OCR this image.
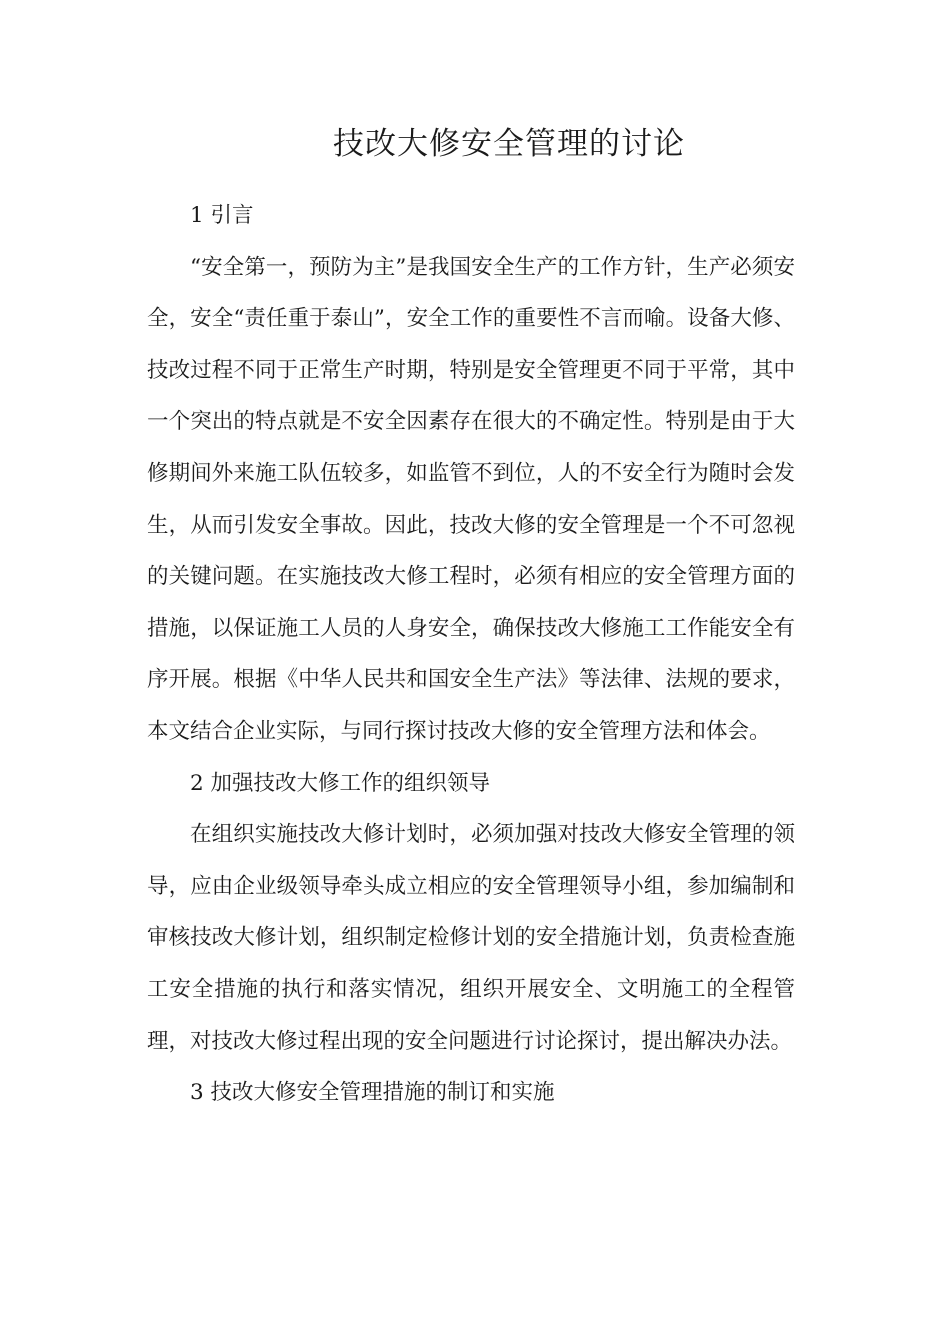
技改大修安全管理的讨论
1 引言

“安全第一，预防为主”是我国安全生产的工作方针，生产必须安全，安全“责任重于泰山”，安全工作的重要性不言而喻。设备大修、技改过程不同于正常生产时期，特别是安全管理更不同于平常，其中一个突出的特点就是不安全因素存在很大的不确定性。特别是由于大修期间外来施工队伍较多，如监管不到位，人的不安全行为随时会发生，从而引发安全事故。因此，技改大修的安全管理是一个不可忽视的关键问题。在实施技改大修工程时，必须有相应的安全管理方面的措施，以保证施工人员的人身安全，确保技改大修施工工作能安全有序开展。根据《中华人民共和国安全生产法》等法律、法规的要求，本文结合企业实际，与同行探讨技改大修的安全管理方法和体会。

2 加强技改大修工作的组织领导

在组织实施技改大修计划时，必须加强对技改大修安全管理的领导，应由企业级领导牵头成立相应的安全管理领导小组，参加编制和审核技改大修计划，组织制定检修计划的安全措施计划，负责检查施工安全措施的执行和落实情况，组织开展安全、文明施工的全程管理，对技改大修过程出现的安全问题进行讨论探讨，提出解决办法。

3 技改大修安全管理措施的制订和实施
